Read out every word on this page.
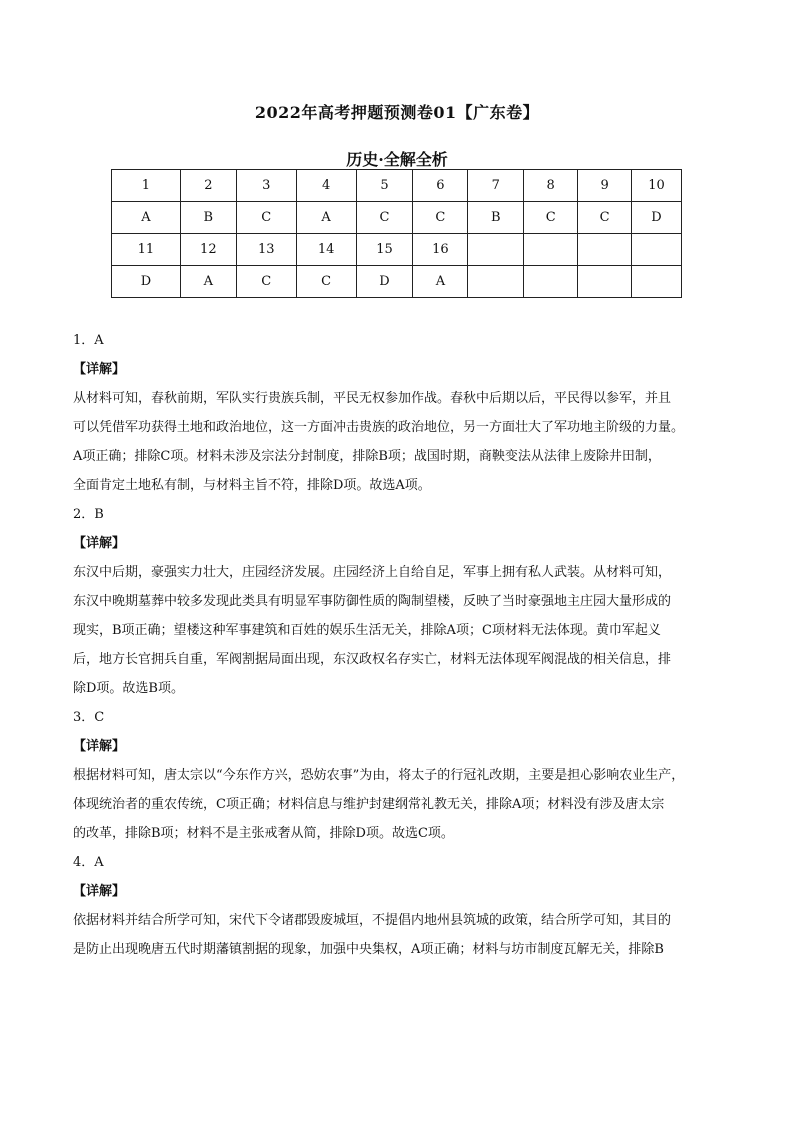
2022年高考押题预测卷01【广东卷】
历史·全解全析
1	2	3	4	5	6	7	8	9	10
A	B	C	A	C	C	B	C	C	D
11	12	13	14	15	16				
D	A	C	C	D	A				

1．A

【详解】

从材料可知，春秋前期，军队实行贵族兵制，平民无权参加作战。春秋中后期以后，平民得以参军，并且

可以凭借军功获得土地和政治地位，这一方面冲击贵族的政治地位，另一方面壮大了军功地主阶级的力量。

A项正确；排除C项。材料未涉及宗法分封制度，排除B项；战国时期，商鞅变法从法律上废除井田制，

全面肯定土地私有制，与材料主旨不符，排除D项。故选A项。

2．B

【详解】

东汉中后期，豪强实力壮大，庄园经济发展。庄园经济上自给自足，军事上拥有私人武装。从材料可知，

东汉中晚期墓葬中较多发现此类具有明显军事防御性质的陶制望楼，反映了当时豪强地主庄园大量形成的

现实，B项正确；望楼这种军事建筑和百姓的娱乐生活无关，排除A项；C项材料无法体现。黄巾军起义

后，地方长官拥兵自重，军阀割据局面出现，东汉政权名存实亡，材料无法体现军阀混战的相关信息，排

除D项。故选B项。

3．C

【详解】

根据材料可知，唐太宗以“今东作方兴，恐妨农事”为由，将太子的行冠礼改期，主要是担心影响农业生产，

体现统治者的重农传统，C项正确；材料信息与维护封建纲常礼教无关，排除A项；材料没有涉及唐太宗

的改革，排除B项；材料不是主张戒奢从简，排除D项。故选C项。

4．A

【详解】

依据材料并结合所学可知，宋代下令诸郡毁废城垣，不提倡内地州县筑城的政策，结合所学可知，其目的

是防止出现晚唐五代时期藩镇割据的现象，加强中央集权，A项正确；材料与坊市制度瓦解无关，排除B
